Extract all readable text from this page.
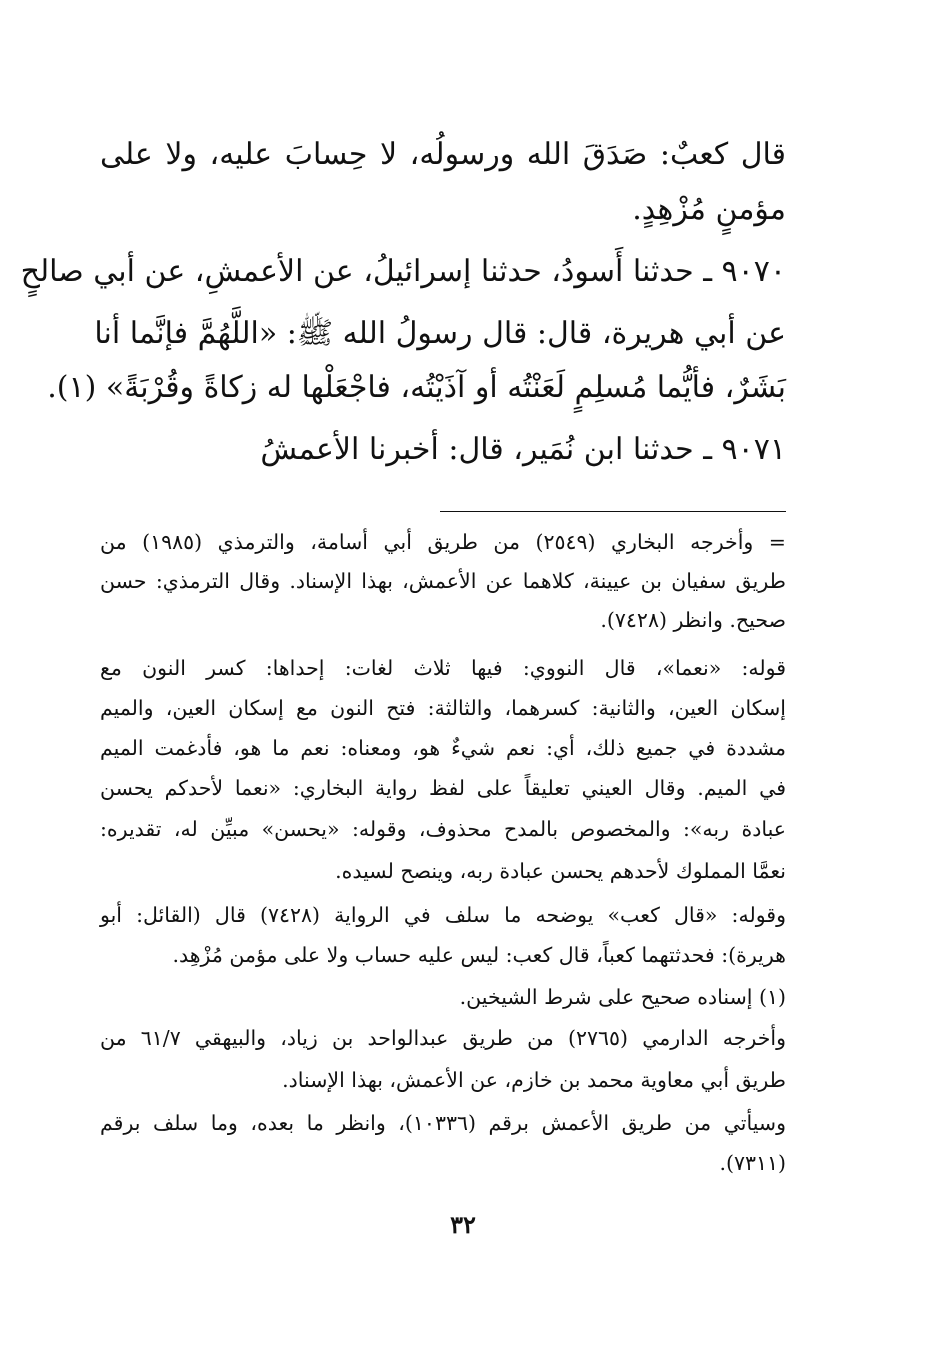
قال كعبٌ: صَدَقَ الله ورسولُه، لا حِسابَ عليه، ولا على
مؤمنٍ مُزْهِدٍ.
٩٠٧٠ ـ حدثنا أَسودُ، حدثنا إسرائيلُ، عن الأعمشِ، عن أبي صالحٍ
عن أبي هريرة، قال: قال رسولُ الله ﷺ: «اللَّهُمَّ فإنَّما أنا
بَشَرٌ، فأيُّما مُسلِمٍ لَعَنْتُه أو آذَيْتُه، فاجْعَلْها له زكاةً وقُرْبَةً» (١).
٩٠٧١ ـ حدثنا ابن نُمَير، قال: أخبرنا الأعمشُ
= وأخرجه البخاري (٢٥٤٩) من طريق أبي أسامة، والترمذي (١٩٨٥) من
طريق سفيان بن عيينة، كلاهما عن الأعمش، بهذا الإسناد. وقال الترمذي: حسن
صحيح. وانظر (٧٤٢٨).
قوله: «نعما»، قال النووي: فيها ثلاث لغات: إحداها: كسر النون مع
إسكان العين، والثانية: كسرهما، والثالثة: فتح النون مع إسكان العين، والميم
مشددة في جميع ذلك، أي: نعم شيءٌ هو، ومعناه: نعم ما هو، فأدغمت الميم
في الميم. وقال العيني تعليقاً على لفظ رواية البخاري: «نعما لأحدكم يحسن
عبادة ربه»: والمخصوص بالمدح محذوف، وقوله: «يحسن» مبيِّن له، تقديره:
نعمَّا المملوك لأحدهم يحسن عبادة ربه، وينصح لسيده.
وقوله: «قال كعب» يوضحه ما سلف في الرواية (٧٤٢٨) قال (القائل: أبو
هريرة): فحدثتهما كعباً، قال كعب: ليس عليه حساب ولا على مؤمن مُزْهِد.
(١) إسناده صحيح على شرط الشيخين.
وأخرجه الدارمي (٢٧٦٥) من طريق عبدالواحد بن زياد، والبيهقي ٦١/٧ من
طريق أبي معاوية محمد بن خازم، عن الأعمش، بهذا الإسناد.
وسيأتي من طريق الأعمش برقم (١٠٣٣٦)، وانظر ما بعده، وما سلف برقم
(٧٣١١).
٣٢
